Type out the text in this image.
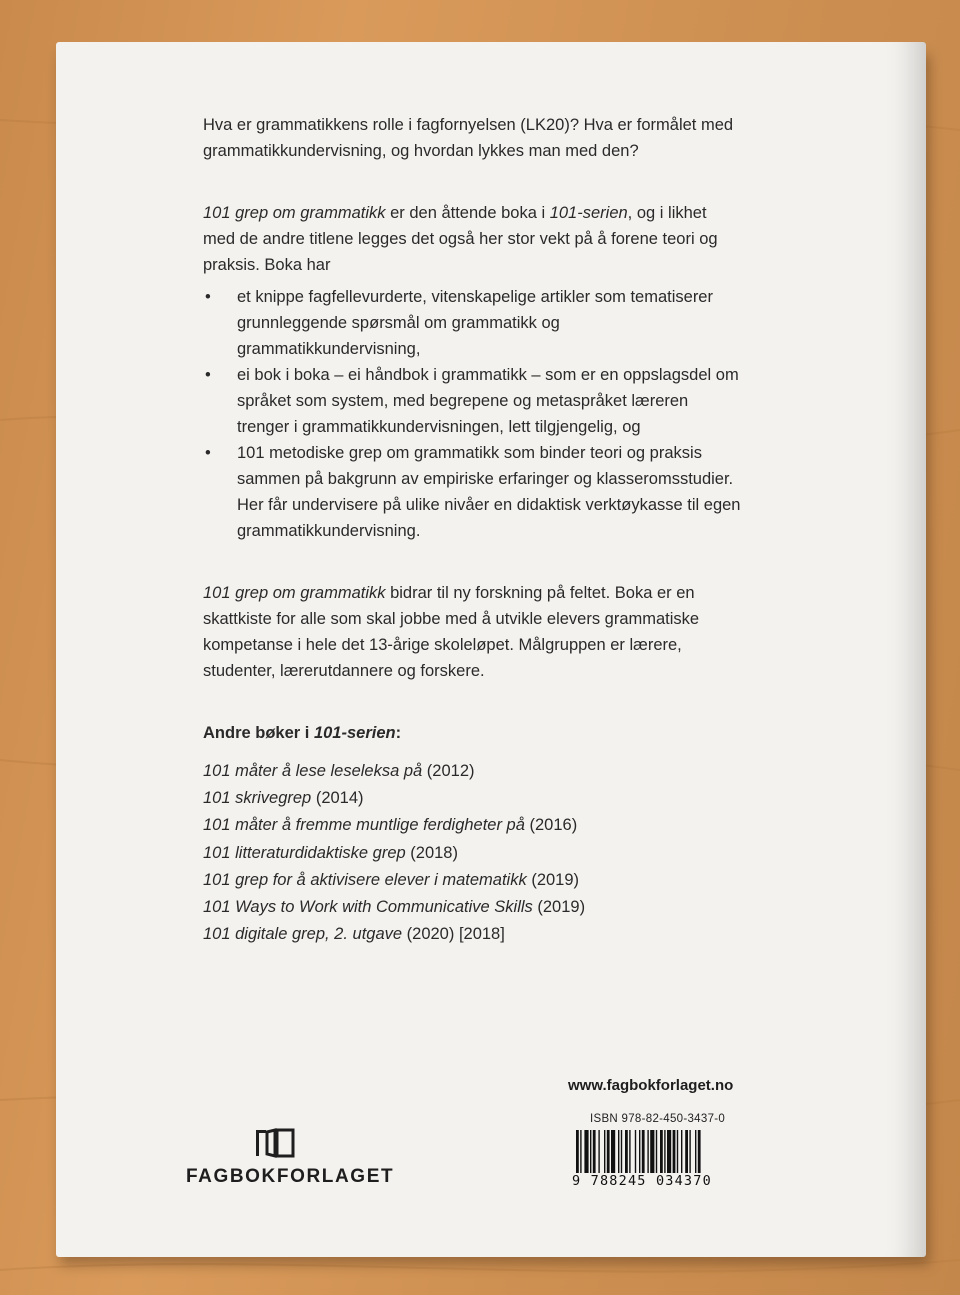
Hva er grammatikkens rolle i fagfornyelsen (LK20)? Hva er formålet med grammatikkundervisning, og hvordan lykkes man med den?

101 grep om grammatikk er den åttende boka i 101-serien, og i likhet med de andre titlene legges det også her stor vekt på å forene teori og praksis. Boka har

• et knippe fagfellevurderte, vitenskapelige artikler som tematiserer grunnleggende spørsmål om grammatikk og grammatikkundervisning,
• ei bok i boka – ei håndbok i grammatikk – som er en oppslagsdel om språket som system, med begrepene og metaspråket læreren trenger i grammatikkundervisningen, lett tilgjengelig, og
• 101 metodiske grep om grammatikk som binder teori og praksis sammen på bakgrunn av empiriske erfaringer og klasseromsstudier. Her får undervisere på ulike nivåer en didaktisk verktøykasse til egen grammatikkundervisning.

101 grep om grammatikk bidrar til ny forskning på feltet. Boka er en skattkiste for alle som skal jobbe med å utvikle elevers grammatiske kompetanse i hele det 13-årige skoleløpet. Målgruppen er lærere, studenter, lærerutdannere og forskere.

Andre bøker i 101-serien:
101 måter å lese leseleksa på (2012)
101 skrivegrep (2014)
101 måter å fremme muntlige ferdigheter på (2016)
101 litteraturdidaktiske grep (2018)
101 grep for å aktivisere elever i matematikk (2019)
101 Ways to Work with Communicative Skills (2019)
101 digitale grep, 2. utgave (2020) [2018]
www.fagbokforlaget.no
ISBN 978-82-450-3437-0
9 788245 034370
FAGBOKFORLAGET
